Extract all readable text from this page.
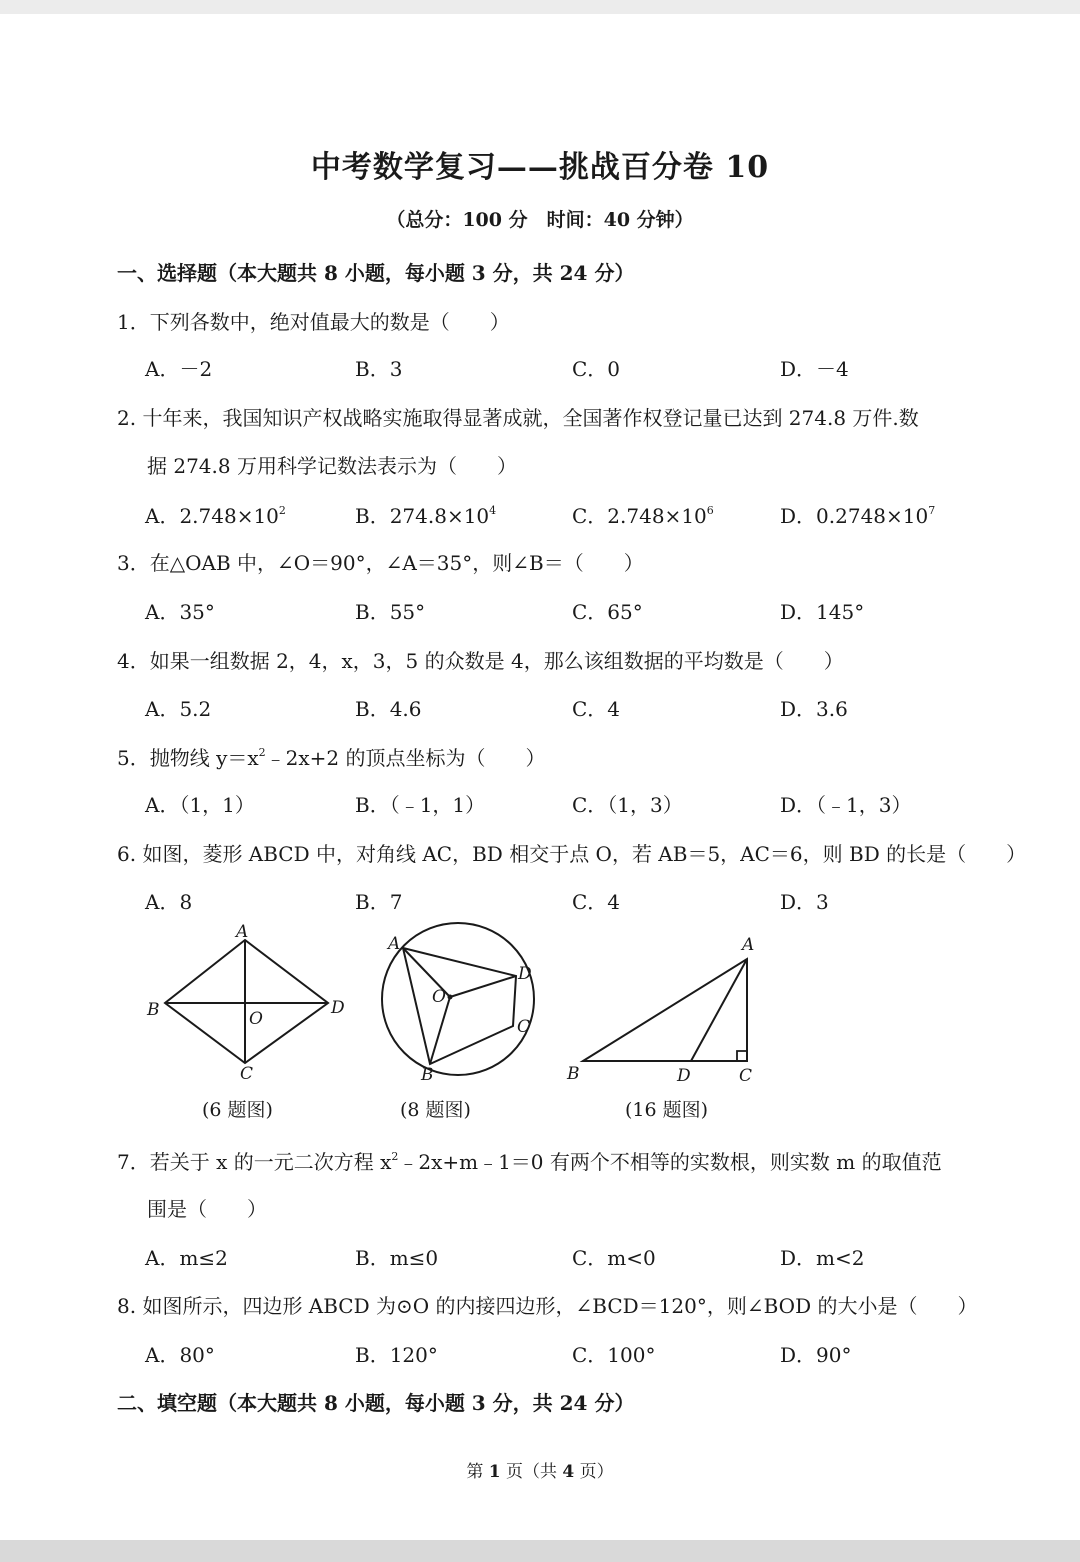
中考数学复习——挑战百分卷 10
（总分：100 分　时间：40 分钟）
一、选择题（本大题共 8 小题，每小题 3 分，共 24 分）
1．下列各数中，绝对值最大的数是（　　）
A．－2	B．3	C．0	D．－4
2. 十年来，我国知识产权战略实施取得显著成就，全国著作权登记量已达到 274.8 万件.数
据 274.8 万用科学记数法表示为（　　）
A．$2.748\times 10^2$	B．$274.8\times 10^4$	C．$2.748\times 10^6$	D．$0.2748\times 10^7$
3．在△OAB 中，∠O＝90°，∠A＝35°，则∠B＝（　　）
A．35°	B．55°	C．65°	D．145°
4．如果一组数据 2，4，x，3，5 的众数是 4，那么该组数据的平均数是（　　）
A．5.2	B．4.6	C．4	D．3.6
5．抛物线 $y=x^2﹣2x+2$ 的顶点坐标为（　　）
A．（1，1）	B．（﹣1，1）	C．（1，3）	D．（﹣1，3）
6. 如图，菱形 ABCD 中，对角线 AC，BD 相交于点 O，若 AB＝5，AC＝6，则 BD 的长是（　　）
A．8	B．7	C．4	D．3
A
B
C
D
O
A
B
C
D
O
A
B	C
D
(6 题图)	(8 题图)	(16 题图)
7．若关于 x 的一元二次方程 $x^2﹣2x+m﹣1=0$ 有两个不相等的实数根，则实数 m 的取值范
围是（　　）
A．m≤2	B．m≤0	C．m<0	D．m<2
8. 如图所示，四边形 ABCD 为⊙O 的内接四边形，∠BCD＝120°，则∠BOD 的大小是（　　）
A．80°	B．120°	C．100°	D．90°
二、填空题（本大题共 8 小题，每小题 3 分，共 24 分）
第 1 页（共 4 页）
